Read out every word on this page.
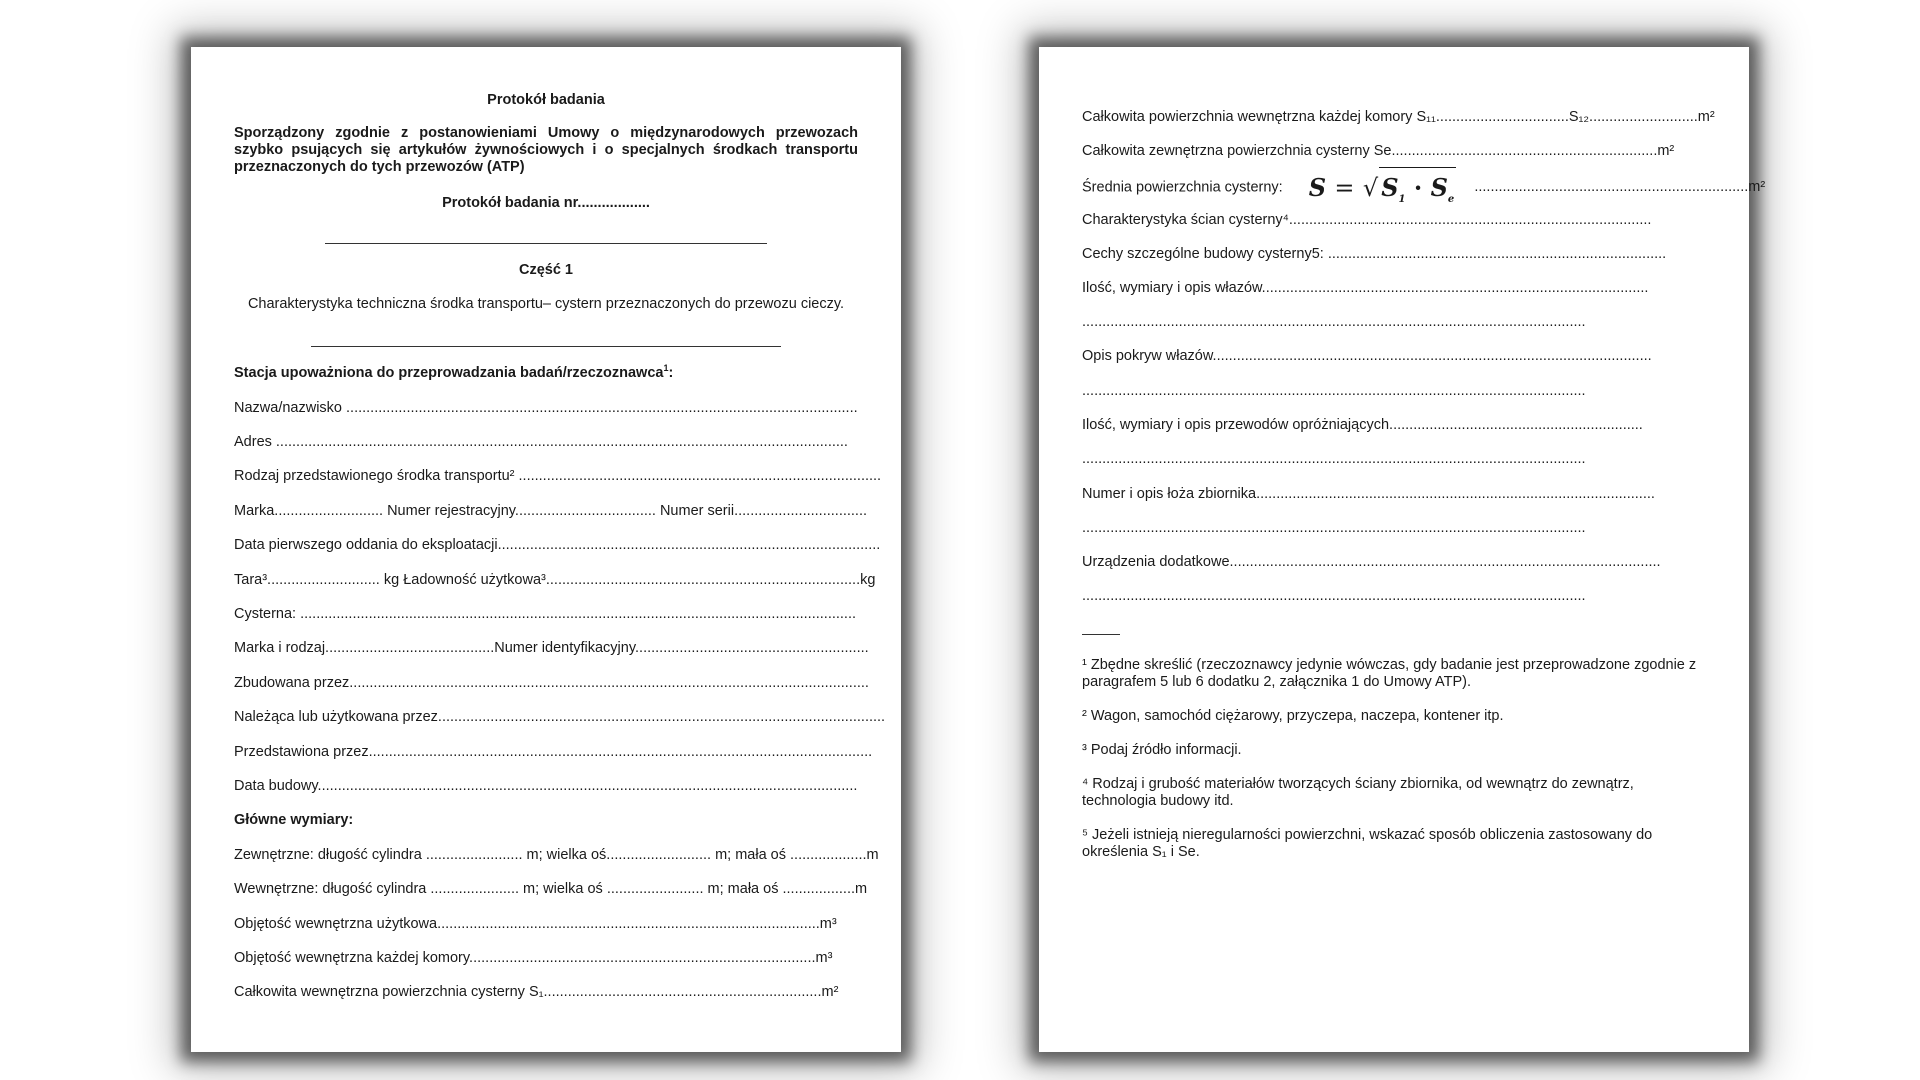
Protokół badania
Sporządzony zgodnie z postanowieniami Umowy o międzynarodowych przewozach szybko psujących się artykułów żywnościowych i o specjalnych środkach transportu przeznaczonych do tych przewozów (ATP)
Protokół badania nr..................
Część 1
Charakterystyka techniczna środka transportu– cystern przeznaczonych do przewozu cieczy.
Stacja upoważniona do przeprowadzania badań/rzeczoznawca$^1$:
Nazwa/nazwisko ...............................................................................................................................
Adres ..............................................................................................................................................
Rodzaj przedstawionego środka transportu² ..........................................................................................
Marka........................... Numer rejestracyjny................................... Numer serii.................................
Data pierwszego oddania do eksploatacji...............................................................................................
Tara³............................ kg Ładowność użytkowa³..............................................................................kg
Cysterna: ..........................................................................................................................................
Marka i rodzaj..........................................Numer identyfikacyjny..........................................................
Zbudowana przez.................................................................................................................................
Należąca lub użytkowana przez...............................................................................................................
Przedstawiona przez.............................................................................................................................
Data budowy......................................................................................................................................
Główne wymiary:
Zewnętrzne: długość cylindra ........................ m; wielka oś.......................... m; mała oś ...................m
Wewnętrzne: długość cylindra ...................... m; wielka oś ........................ m; mała oś ..................m
Objętość wewnętrzna użytkowa...............................................................................................m³
Objętość wewnętrzna każdej komory......................................................................................m³
Całkowita wewnętrzna powierzchnia cysterny S₁.....................................................................m²
Całkowita powierzchnia wewnętrzna każdej komory S₁₁.................................S₁₂...........................m²
Całkowita zewnętrzna powierzchnia cysterny Se..................................................................m²
Średnia powierzchnia cysterny: S = √ $S_1 \cdot S_e$ ....................................................................m²
Charakterystyka ścian cysterny⁴..........................................................................................
Cechy szczególne budowy cysterny5: ....................................................................................
Ilość, wymiary i opis włazów................................................................................................
.............................................................................................................................
Opis pokryw włazów.............................................................................................................
.............................................................................................................................
Ilość, wymiary i opis przewodów opróżniających...............................................................
.............................................................................................................................
Numer i opis łoża zbiornika...................................................................................................
.............................................................................................................................
Urządzenia dodatkowe...........................................................................................................
.............................................................................................................................
¹ Zbędne skreślić (rzeczoznawcy jedynie wówczas, gdy badanie jest przeprowadzone zgodnie z paragrafem 5 lub 6 dodatku 2, załącznika 1 do Umowy ATP).
² Wagon, samochód ciężarowy, przyczepa, naczepa, kontener itp.
³ Podaj źródło informacji.
⁴ Rodzaj i grubość materiałów tworzących ściany zbiornika, od wewnątrz do zewnątrz, technologia budowy itd.
⁵ Jeżeli istnieją nieregularności powierzchni, wskazać sposób obliczenia zastosowany do określenia S₁ i Se.
